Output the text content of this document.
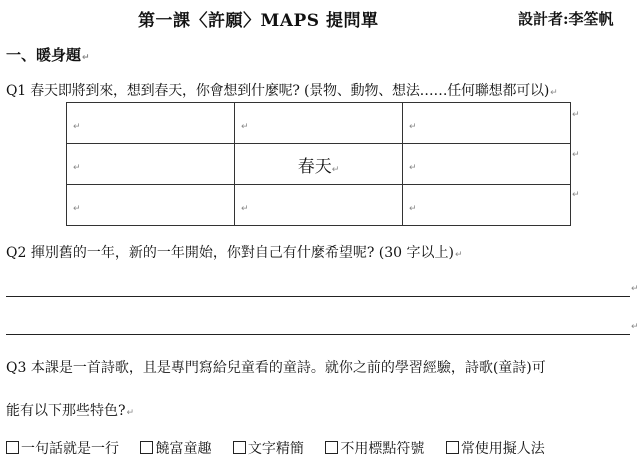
第一課〈許願〉MAPS 提問單	設計者:李筌帆
一、暖身題↵
Q1 春天即將到來，想到春天，你會想到什麼呢? (景物、動物、想法……任何聯想都可以)↵
↵	↵	↵
↵	春天↵	↵
↵	↵	↵
↵
↵
↵
Q2 揮別舊的一年，新的一年開始，你對自己有什麼希望呢? (30 字以上)↵
↵
↵
Q3 本課是一首詩歌，且是專門寫給兒童看的童詩。就你之前的學習經驗，詩歌(童詩)可
能有以下那些特色?↵
一句話就是一行	饒富童趣	文字精簡	不用標點符號	常使用擬人法
